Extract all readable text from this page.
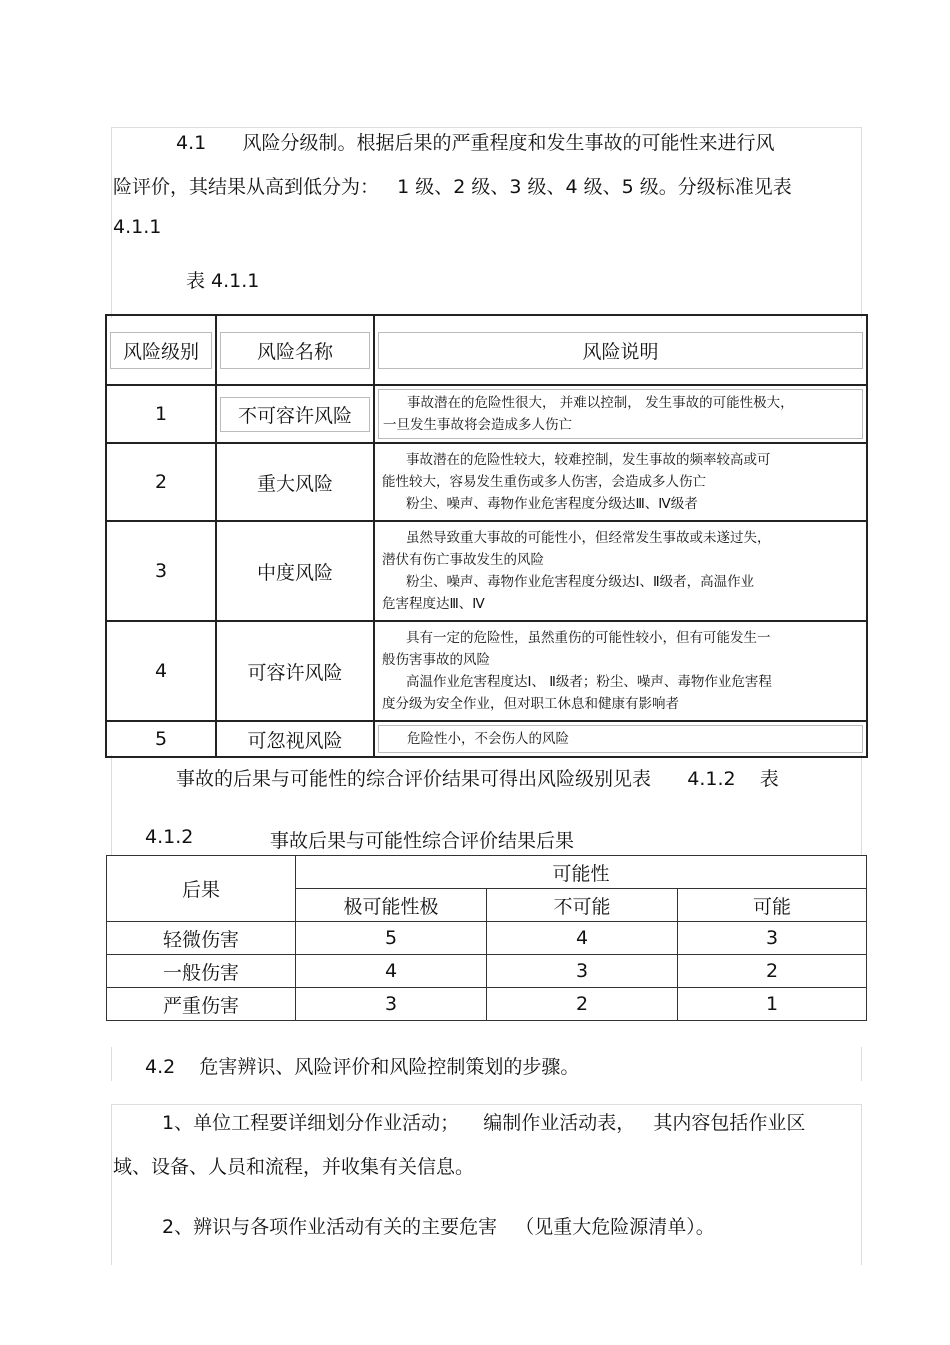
4.1      风险分级制。根据后果的严重程度和发生事故的可能性来进行风
险评价，其结果从高到低分为：   1 级、2 级、3 级、4 级、5 级。分级标准见表
4.1.1
表 4.1.1
风险级别	风险名称	风险说明

1	不可容许风险	事故潜在的危险性很大， 并难以控制， 发生事故的可能性极大，
一旦发生事故将会造成多人伤亡

2	重大风险	事故潜在的危险性较大，较难控制，发生事故的频率较高或可
能性较大，容易发生重伤或多人伤害，会造成多人伤亡
粉尘、噪声、毒物作业危害程度分级达Ⅲ、Ⅳ级者

3	中度风险	虽然导致重大事故的可能性小，但经常发生事故或未遂过失，
潜伏有伤亡事故发生的风险
粉尘、噪声、毒物作业危害程度分级达Ⅰ、Ⅱ级者，高温作业
危害程度达Ⅲ、Ⅳ

4	可容许风险	具有一定的危险性，虽然重伤的可能性较小，但有可能发生一
般伤害事故的风险
高温作业危害程度达Ⅰ、 Ⅱ级者；粉尘、噪声、毒物作业危害程
度分级为安全作业，但对职工休息和健康有影响者

5	可忽视风险	危险性小，不会伤人的风险
事故的后果与可能性的综合评价结果可得出风险级别见表      4.1.2    表
4.1.2	事故后果与可能性综合评价结果后果
后果	可能性		
	极可能性极	不可能	可能
轻微伤害	5	4	3
一般伤害	4	3	2
严重伤害	3	2	1
4.2    危害辨识、风险评价和风险控制策划的步骤。
1、单位工程要详细划分作业活动；    编制作业活动表，   其内容包括作业区
域、设备、人员和流程，并收集有关信息。
2、辨识与各项作业活动有关的主要危害   （见重大危险源清单）。
